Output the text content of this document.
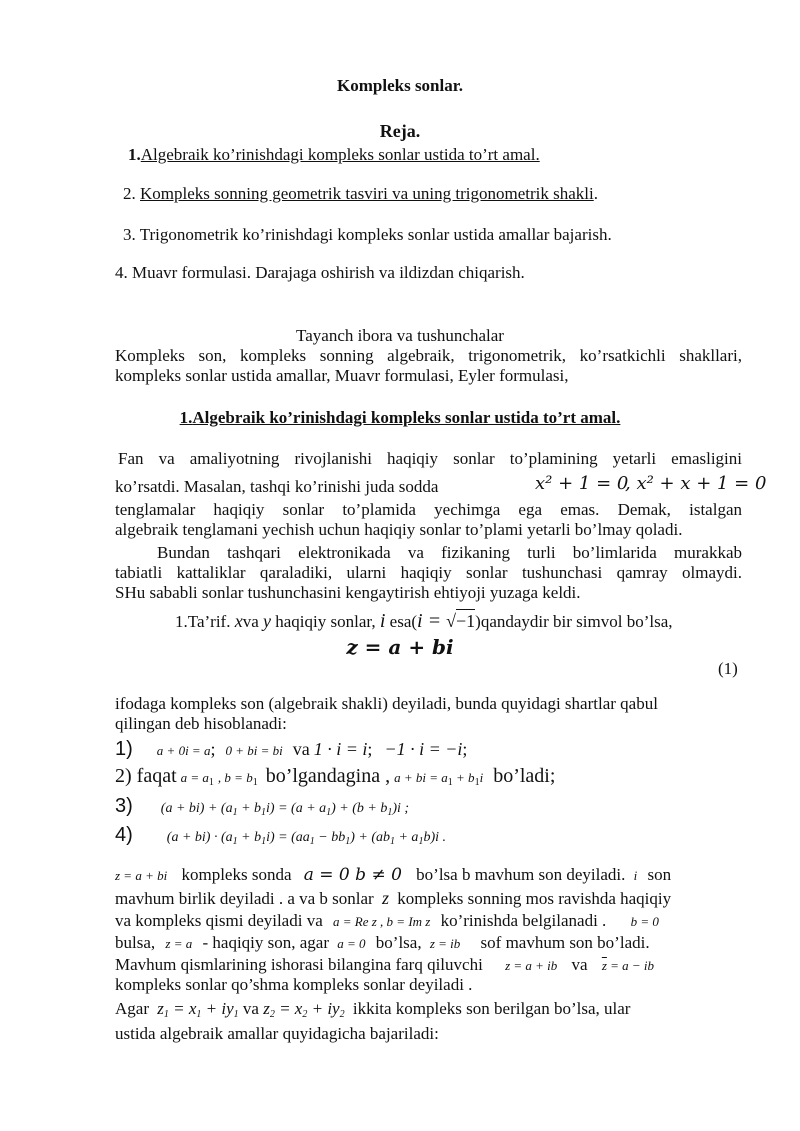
Kompleks sonlar.
Reja.
1.Algebraik ko’rinishdagi kompleks sonlar ustida to’rt amal.
2. Kompleks sonning geometrik tasviri va uning trigonometrik shakli.
3. Trigonometrik ko’rinishdagi kompleks sonlar ustida amallar bajarish.
4. Muavr formulasi. Darajaga oshirish va ildizdan chiqarish.
Tayanch ibora va tushunchalar
Kompleks son, kompleks sonning algebraik, trigonometrik, ko’rsatkichli shakllari,
kompleks sonlar ustida amallar, Muavr formulasi, Eyler formulasi,
1.Algebraik ko’rinishdagi kompleks sonlar ustida to’rt amal.
Fan va amaliyotning rivojlanishi haqiqiy sonlar to’plamining yetarli emasligini
ko’rsatdi. Masalan, tashqi ko’rinishi juda sodda	x² + 1 = 0
, x² + x + 1 = 0
tenglamalar haqiqiy sonlar to’plamida yechimga ega emas. Demak, istalgan
algebraik tenglamani yechish uchun haqiqiy sonlar to’plami yetarli bo’lmay qoladi.
Bundan tashqari elektronikada va fizikaning turli bo’limlarida murakkab
tabiatli kattaliklar qaraladiki, ularni haqiqiy sonlar tushunchasi qamray olmaydi.
SHu sababli sonlar tushunchasini kengaytirish ehtiyoji yuzaga keldi.
1.Ta’rif. xva y haqiqiy sonlar, i esa(i = √−1)qandaydir bir simvol bo’lsa,
z = a + bi
(1)
ifodaga kompleks son (algebraik shakli) deyiladi, bunda quyidagi shartlar qabul
qilingan deb hisoblanadi:
1) a + 0i = a; 0 + bi = bi va 1 · i = i; −1 · i = −i;
2) faqat $a = a_1$ , $b = b_1$ bo’lgandagina , a + bi = $a_1 + b_1i$ bo’ladi;
3) $(a + bi) + (a_1 + b_1i) = (a + a_1) + (b + b_1)i$ ;
4) $(a + bi) \cdot (a_1 + b_1i) = (aa_1 - bb_1) + (ab_1 + a_1b)i$ .
z = a + bi kompleks sonda a = 0 b ≠ 0 bo’lsa b mavhum son deyiladi. i son
mavhum birlik deyiladi . a va b sonlar z kompleks sonning mos ravishda haqiqiy
va kompleks qismi deyiladi va a = Re z , b = Im z ko’rinishda belgilanadi . b = 0
bulsa, z = a - haqiqiy son, agar a = 0 bo’lsa, z = ib sof mavhum son bo’ladi.
Mavhum qismlarining ishorasi bilangina farq qiluvchi z = a + ib va $\overline{z} = a$ − ib
kompleks sonlar qo’shma kompleks sonlar deyiladi .
Agar $z_1 = x_1 + iy_1$ va $z_2 = x_2 + iy_2$ ikkita kompleks son berilgan bo’lsa, ular
ustida algebraik amallar quyidagicha bajariladi:
